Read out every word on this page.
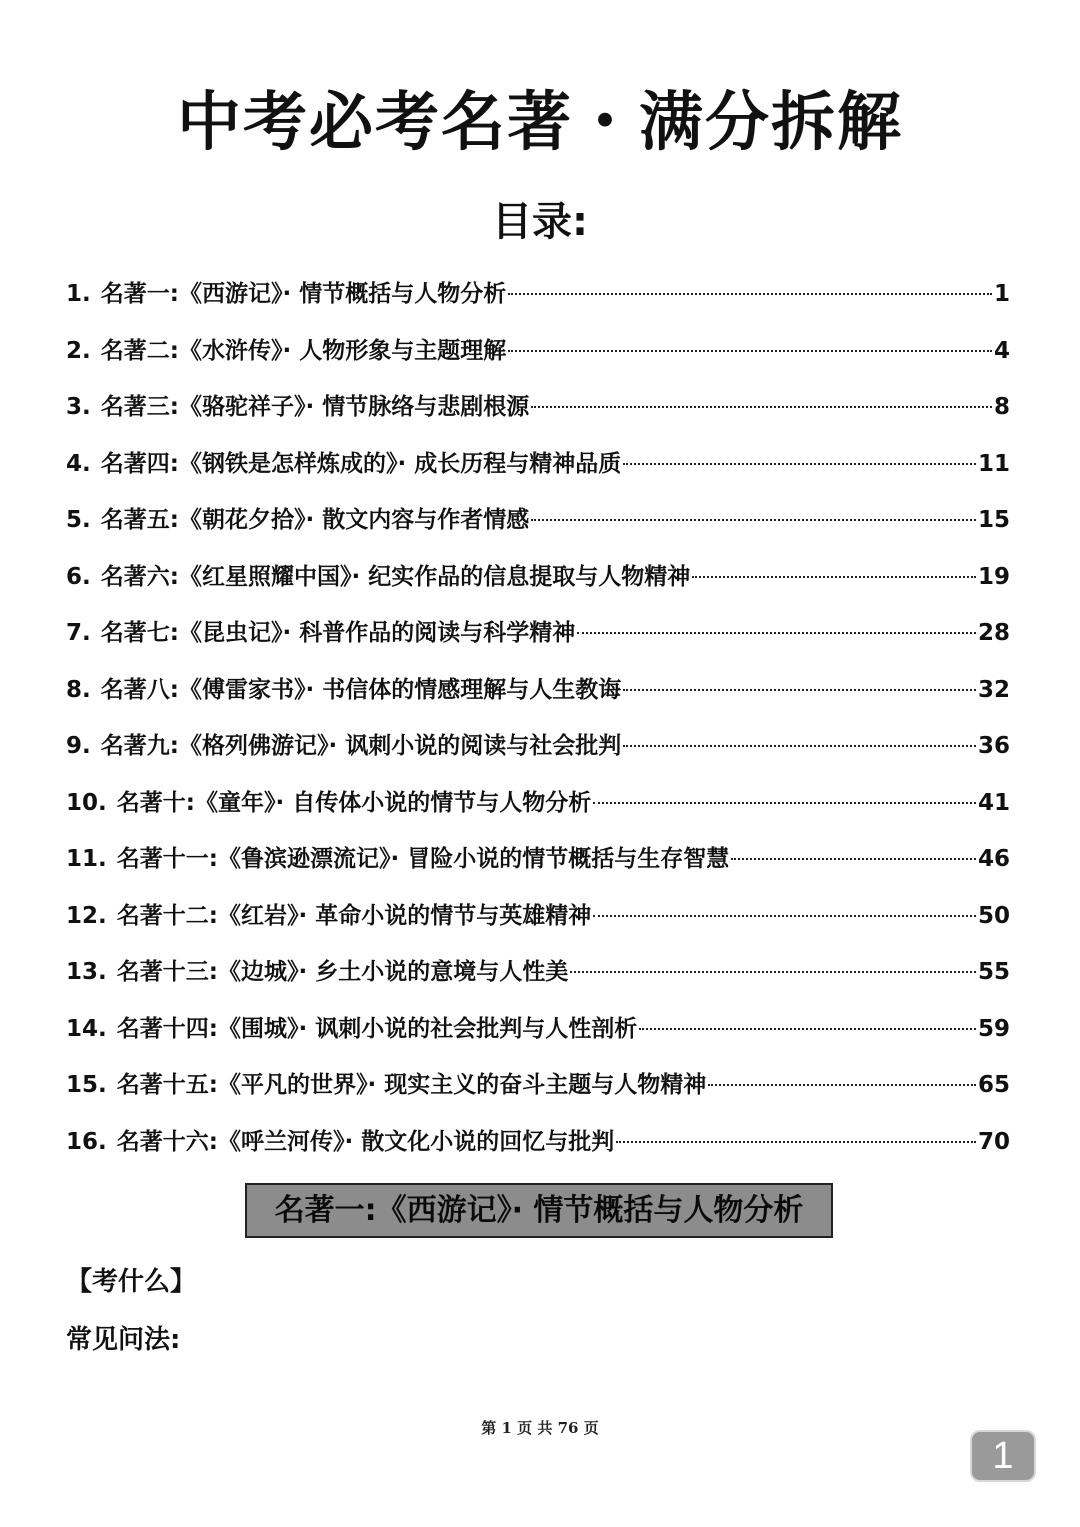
中考必考名著・满分拆解
目录:
1. 名著一:《西游记》· 情节概括与人物分析	1
2. 名著二:《水浒传》· 人物形象与主题理解	4
3. 名著三:《骆驼祥子》· 情节脉络与悲剧根源	8
4. 名著四:《钢铁是怎样炼成的》· 成长历程与精神品质	11
5. 名著五:《朝花夕拾》· 散文内容与作者情感	15
6. 名著六:《红星照耀中国》· 纪实作品的信息提取与人物精神	19
7. 名著七:《昆虫记》· 科普作品的阅读与科学精神	28
8. 名著八:《傅雷家书》· 书信体的情感理解与人生教诲	32
9. 名著九:《格列佛游记》· 讽刺小说的阅读与社会批判	36
10. 名著十:《童年》· 自传体小说的情节与人物分析	41
11. 名著十一:《鲁滨逊漂流记》· 冒险小说的情节概括与生存智慧	46
12. 名著十二:《红岩》· 革命小说的情节与英雄精神	50
13. 名著十三:《边城》· 乡土小说的意境与人性美	55
14. 名著十四:《围城》· 讽刺小说的社会批判与人性剖析	59
15. 名著十五:《平凡的世界》· 现实主义的奋斗主题与人物精神	65
16. 名著十六:《呼兰河传》· 散文化小说的回忆与批判	70
名著一:《西游记》· 情节概括与人物分析
【考什么】
常见问法:
第 1 页 共 76 页
1
